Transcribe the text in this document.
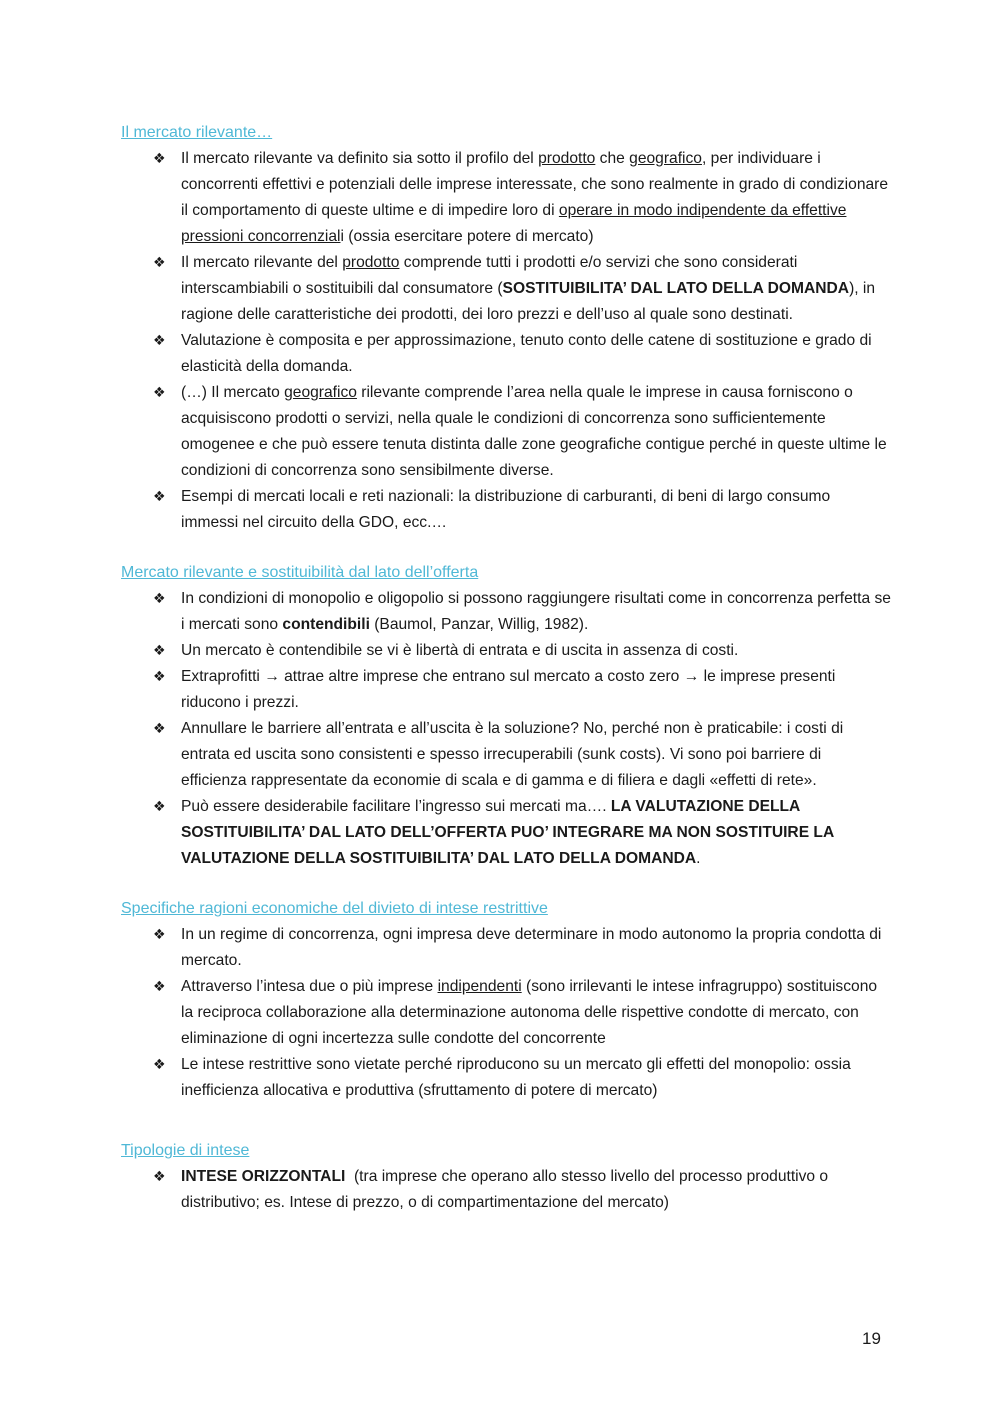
Il mercato rilevante…
❖ Il mercato rilevante va definito sia sotto il profilo del prodotto che geografico, per individuare i concorrenti effettivi e potenziali delle imprese interessate, che sono realmente in grado di condizionare il comportamento di queste ultime e di impedire loro di operare in modo indipendente da effettive pressioni concorrenziali (ossia esercitare potere di mercato)
❖ Il mercato rilevante del prodotto comprende tutti i prodotti e/o servizi che sono considerati interscambiabili o sostituibili dal consumatore (SOSTITUIBILITA’ DAL LATO DELLA DOMANDA), in ragione delle caratteristiche dei prodotti, dei loro prezzi e dell’uso al quale sono destinati.
❖ Valutazione è composita e per approssimazione, tenuto conto delle catene di sostituzione e grado di elasticità della domanda.
❖ (…) Il mercato geografico rilevante comprende l’area nella quale le imprese in causa forniscono o acquisiscono prodotti o servizi, nella quale le condizioni di concorrenza sono sufficientemente omogenee e che può essere tenuta distinta dalle zone geografiche contigue perché in queste ultime le condizioni di concorrenza sono sensibilmente diverse.
❖ Esempi di mercati locali e reti nazionali: la distribuzione di carburanti, di beni di largo consumo immessi nel circuito della GDO, ecc.…
Mercato rilevante e sostituibilità dal lato dell’offerta
❖ In condizioni di monopolio e oligopolio si possono raggiungere risultati come in concorrenza perfetta se i mercati sono contendibili (Baumol, Panzar, Willig, 1982).
❖ Un mercato è contendibile se vi è libertà di entrata e di uscita in assenza di costi.
❖ Extraprofitti → attrae altre imprese che entrano sul mercato a costo zero → le imprese presenti riducono i prezzi.
❖ Annullare le barriere all’entrata e all’uscita è la soluzione? No, perché non è praticabile: i costi di entrata ed uscita sono consistenti e spesso irrecuperabili (sunk costs). Vi sono poi barriere di efficienza rappresentate da economie di scala e di gamma e di filiera e dagli «effetti di rete».
❖ Può essere desiderabile facilitare l’ingresso sui mercati ma…. LA VALUTAZIONE DELLA SOSTITUIBILITA’ DAL LATO DELL’OFFERTA PUO’ INTEGRARE MA NON SOSTITUIRE LA VALUTAZIONE DELLA SOSTITUIBILITA’ DAL LATO DELLA DOMANDA.
Specifiche ragioni economiche del divieto di intese restrittive
❖ In un regime di concorrenza, ogni impresa deve determinare in modo autonomo la propria condotta di mercato.
❖ Attraverso l’intesa due o più imprese indipendenti (sono irrilevanti le intese infragruppo) sostituiscono la reciproca collaborazione alla determinazione autonoma delle rispettive condotte di mercato, con eliminazione di ogni incertezza sulle condotte del concorrente
❖ Le intese restrittive sono vietate perché riproducono su un mercato gli effetti del monopolio: ossia inefficienza allocativa e produttiva (sfruttamento di potere di mercato)
Tipologie di intese
❖ INTESE ORIZZONTALI  (tra imprese che operano allo stesso livello del processo produttivo o distributivo; es. Intese di prezzo, o di compartimentazione del mercato)
19
